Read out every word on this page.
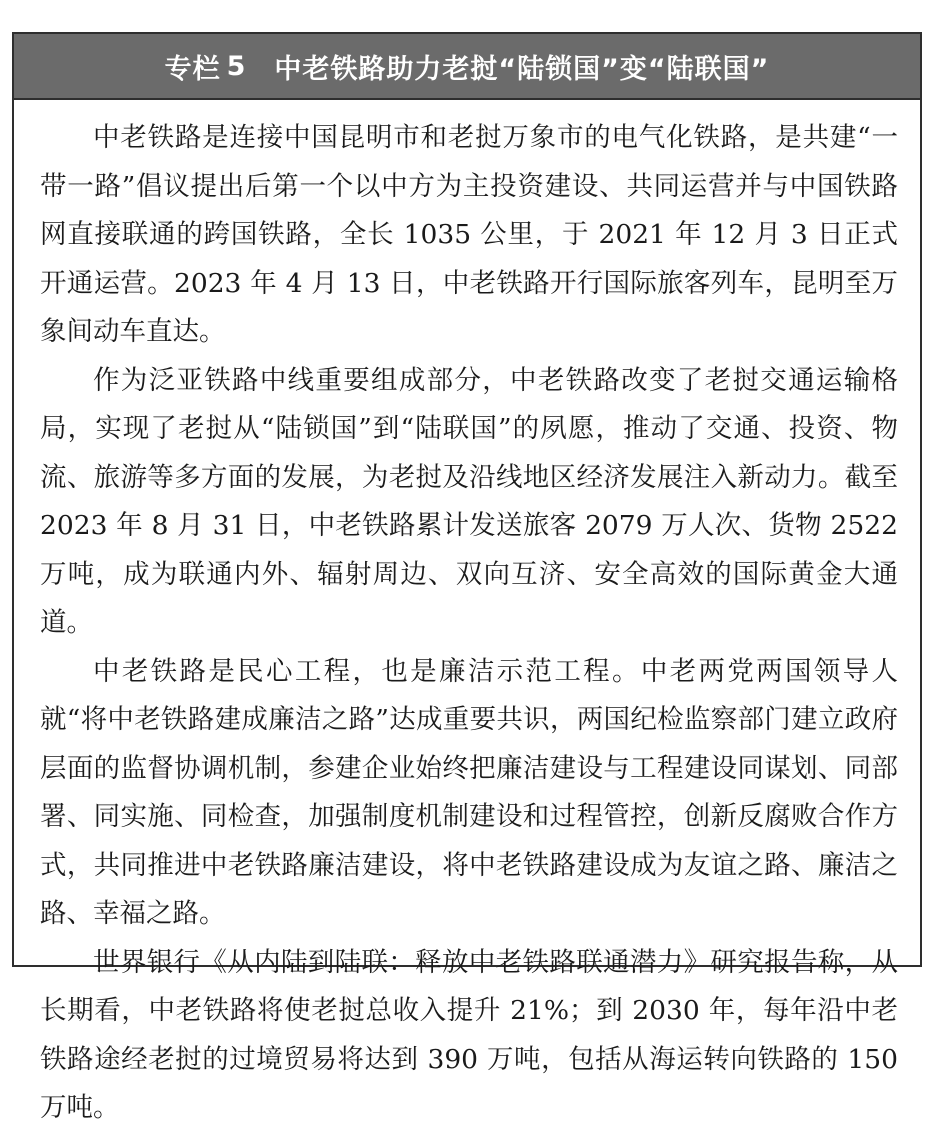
专栏 5 中老铁路助力老挝“陆锁国”变“陆联国”

中老铁路是连接中国昆明市和老挝万象市的电气化铁路，是共建“一带一路”倡议提出后第一个以中方为主投资建设、共同运营并与中国铁路网直接联通的跨国铁路，全长 1035 公里，于 2021 年 12 月 3 日正式开通运营。2023 年 4 月 13 日，中老铁路开行国际旅客列车，昆明至万象间动车直达。

作为泛亚铁路中线重要组成部分，中老铁路改变了老挝交通运输格局，实现了老挝从“陆锁国”到“陆联国”的夙愿，推动了交通、投资、物流、旅游等多方面的发展，为老挝及沿线地区经济发展注入新动力。截至 2023 年 8 月 31 日，中老铁路累计发送旅客 2079 万人次、货物 2522 万吨，成为联通内外、辐射周边、双向互济、安全高效的国际黄金大通道。

中老铁路是民心工程，也是廉洁示范工程。中老两党两国领导人就“将中老铁路建成廉洁之路”达成重要共识，两国纪检监察部门建立政府层面的监督协调机制，参建企业始终把廉洁建设与工程建设同谋划、同部署、同实施、同检查，加强制度机制建设和过程管控，创新反腐败合作方式，共同推进中老铁路廉洁建设，将中老铁路建设成为友谊之路、廉洁之路、幸福之路。

世界银行《从内陆到陆联：释放中老铁路联通潜力》研究报告称，从长期看，中老铁路将使老挝总收入提升 21%；到 2030 年，每年沿中老铁路途经老挝的过境贸易将达到 390 万吨，包括从海运转向铁路的 150 万吨。
